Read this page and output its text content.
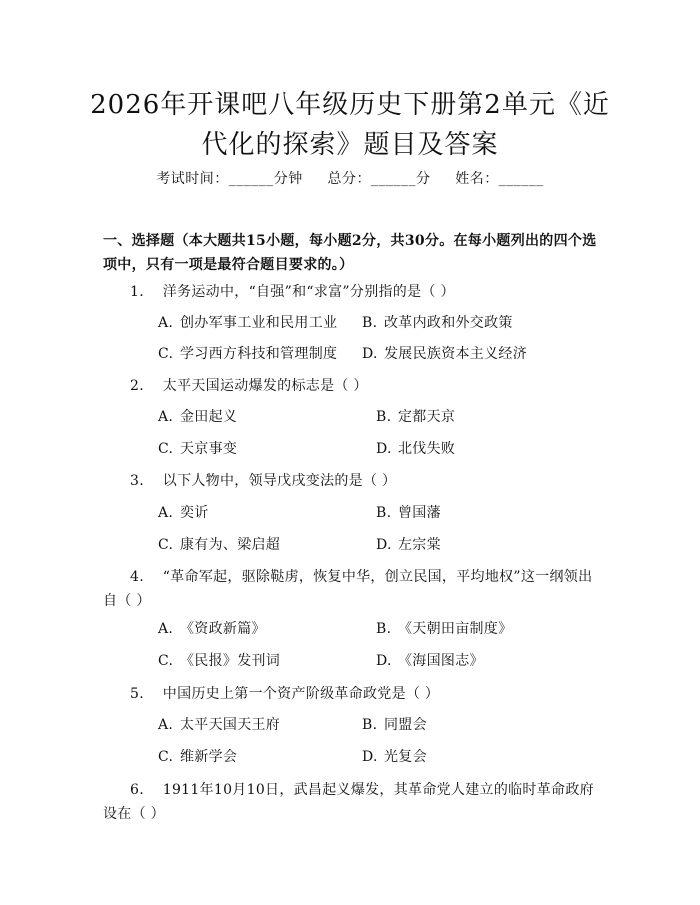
2026年开课吧八年级历史下册第2单元《近
代化的探索》题目及答案
考试时间：______分钟     总分：______分     姓名：______
一、选择题（本大题共15小题，每小题2分，共30分。在每小题列出的四个选项中，只有一项是最符合题目要求的。）
1. 洋务运动中，“自强”和“求富”分别指的是（ ）
A. 创办军事工业和民用工业 B. 改革内政和外交政策
C. 学习西方科技和管理制度 D. 发展民族资本主义经济
2. 太平天国运动爆发的标志是（ ）
A. 金田起义	B. 定都天京
C. 天京事变	D. 北伐失败
3. 以下人物中，领导戊戌变法的是（ ）
A. 奕䜣	B. 曾国藩
C. 康有为、梁启超	D. 左宗棠
4. “革命军起，驱除鞑虏，恢复中华，创立民国，平均地权”这一纲领出自（ ）
A. 《资政新篇》	B. 《天朝田亩制度》
C. 《民报》发刊词	D. 《海国图志》
5. 中国历史上第一个资产阶级革命政党是（ ）
A. 太平天国天王府	B. 同盟会
C. 维新学会	D. 光复会
6. 1911年10月10日，武昌起义爆发，其革命党人建立的临时革命政府设在（ ）
